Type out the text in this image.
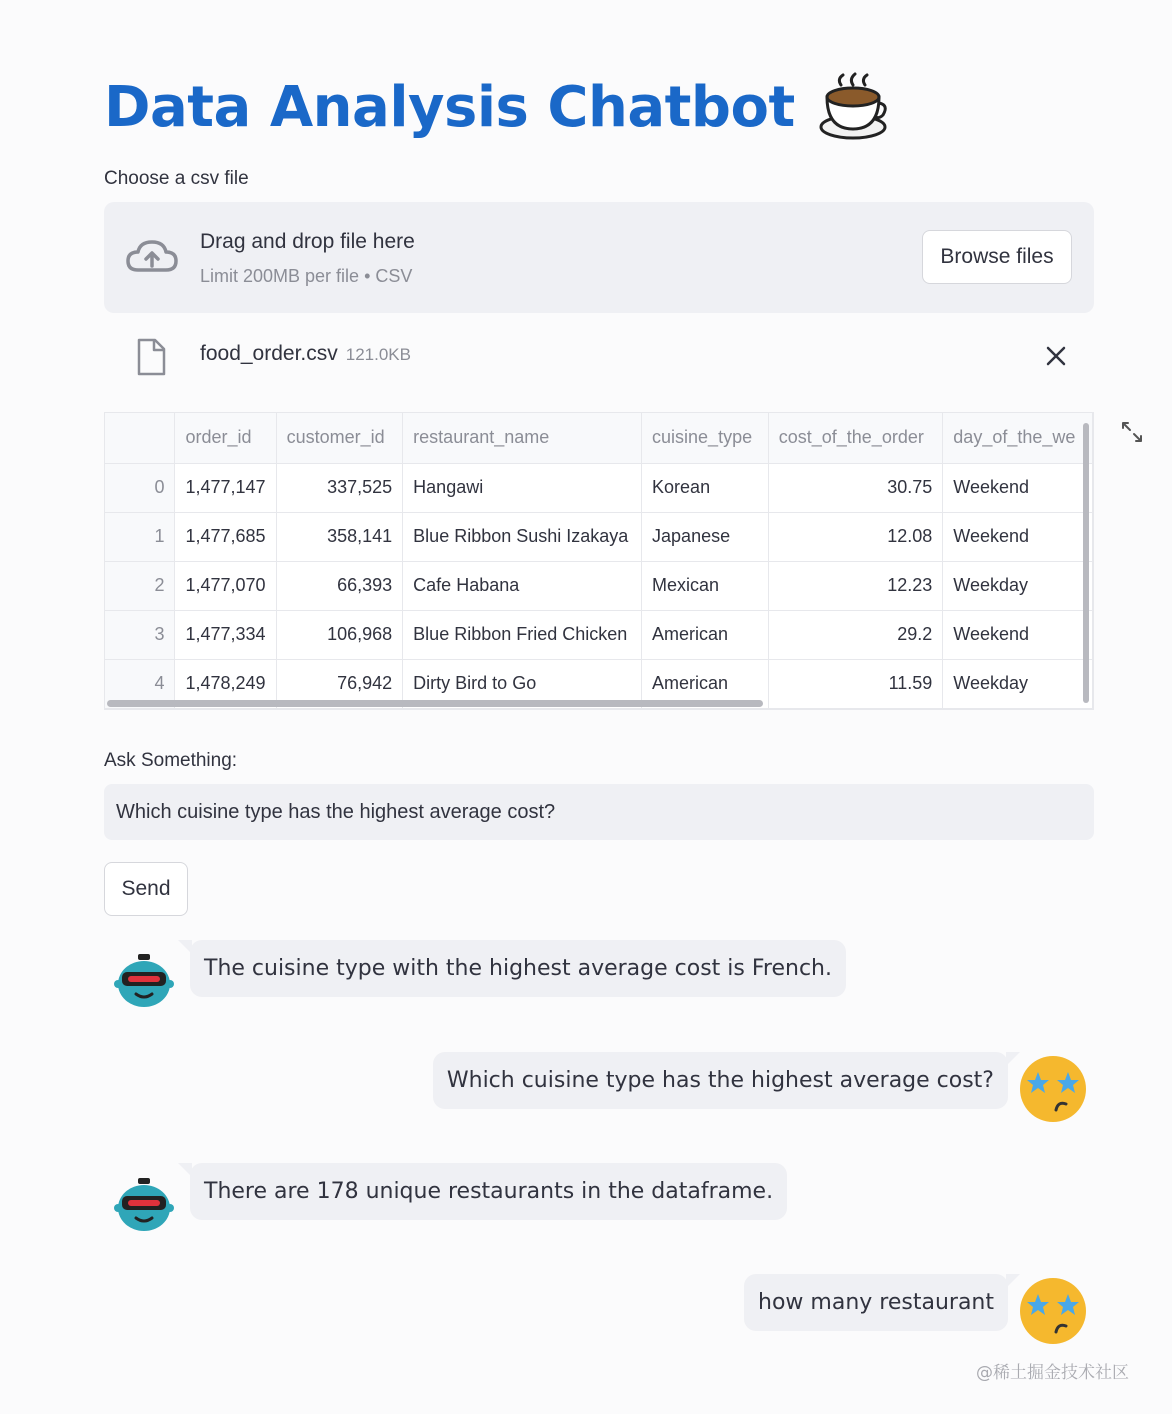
Data Analysis Chatbot
Choose a csv file
Drag and drop file here
Limit 200MB per file • CSV
Browse files
food_order.csv 121.0KB
	order_id	customer_id	restaurant_name	cuisine_type	cost_of_the_order	day_of_the_we
0	1,477,147	337,525	Hangawi	Korean	30.75	Weekend
1	1,477,685	358,141	Blue Ribbon Sushi Izakaya	Japanese	12.08	Weekend
2	1,477,070	66,393	Cafe Habana	Mexican	12.23	Weekday
3	1,477,334	106,968	Blue Ribbon Fried Chicken	American	29.2	Weekend
4	1,478,249	76,942	Dirty Bird to Go	American	11.59	Weekday
Ask Something:
Which cuisine type has the highest average cost?
Send
The cuisine type with the highest average cost is French.
Which cuisine type has the highest average cost?
There are 178 unique restaurants in the dataframe.
how many restaurant
@稀土掘金技术社区
